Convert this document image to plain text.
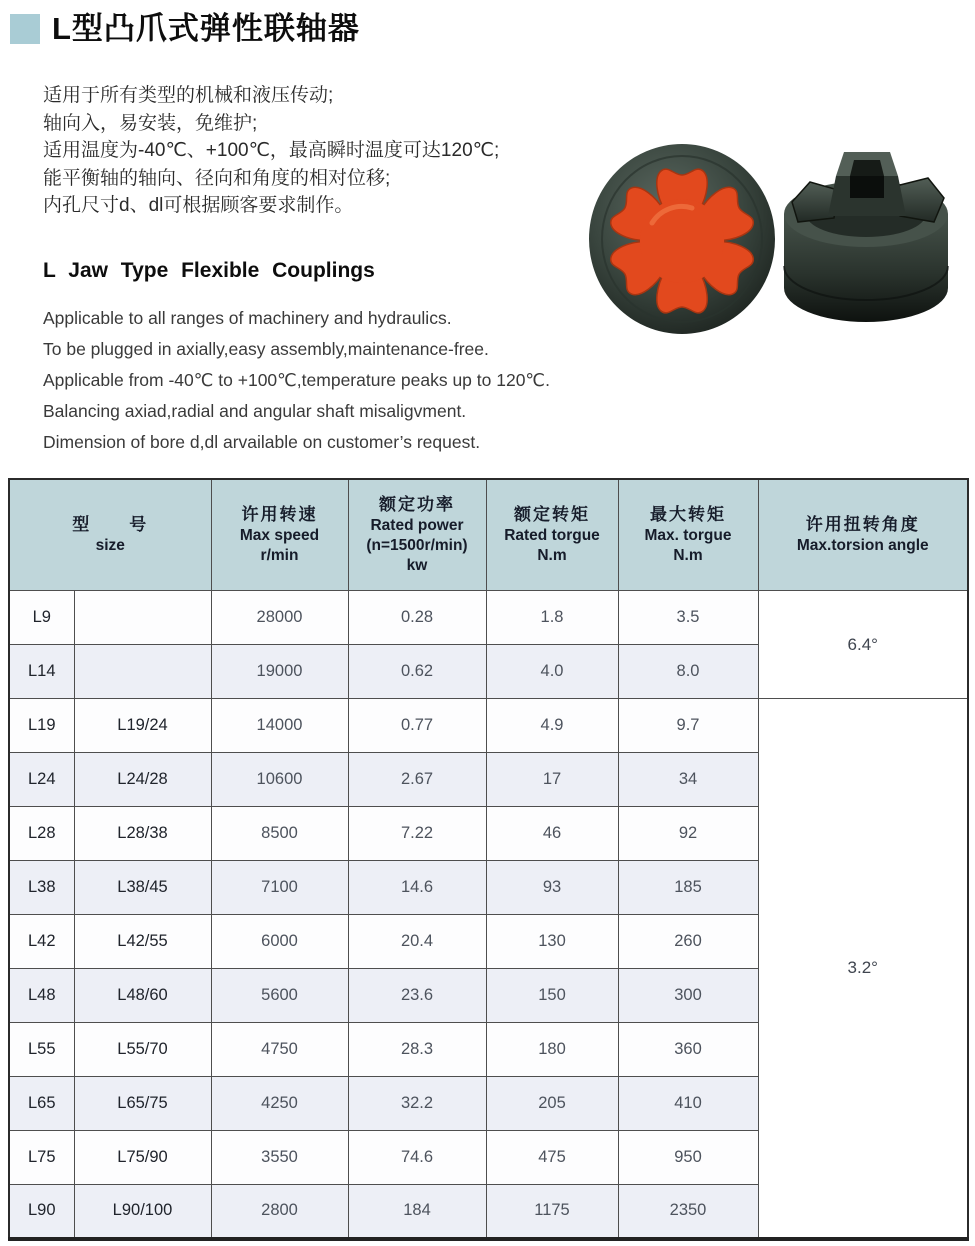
L型凸爪式弹性联轴器
适用于所有类型的机械和液压传动;
轴向入，易安装，免维护;
适用温度为-40℃、+100℃，最高瞬时温度可达120℃;
能平衡轴的轴向、径向和角度的相对位移;
内孔尺寸d、dl可根据顾客要求制作。
L Jaw Type Flexible Couplings
Applicable to all ranges of machinery and hydraulics.
To be plugged in axially,easy assembly,maintenance-free.
Applicable from -40℃ to +100℃,temperature peaks up to 120℃.
Balancing axiad,radial and angular shaft misaligvment.
Dimension of bore d,dl arvailable on customer’s request.
型　　号
size

许用转速
Max speed
r/min

额定功率
Rated power
(n=1500r/min)
kw

额定转矩
Rated torgue
N.m

最大转矩
Max. torgue
N.m

许用扭转角度
Max.torsion angle

L9		28000	0.28	1.8	3.5	6.4°
L14		19000	0.62	4.0	8.0	
L19	L19/24	14000	0.77	4.9	9.7	3.2°
L24	L24/28	10600	2.67	17	34	
L28	L28/38	8500	7.22	46	92	
L38	L38/45	7100	14.6	93	185	
L42	L42/55	6000	20.4	130	260	
L48	L48/60	5600	23.6	150	300	
L55	L55/70	4750	28.3	180	360	
L65	L65/75	4250	32.2	205	410	
L75	L75/90	3550	74.6	475	950	
L90	L90/100	2800	184	1175	2350	
